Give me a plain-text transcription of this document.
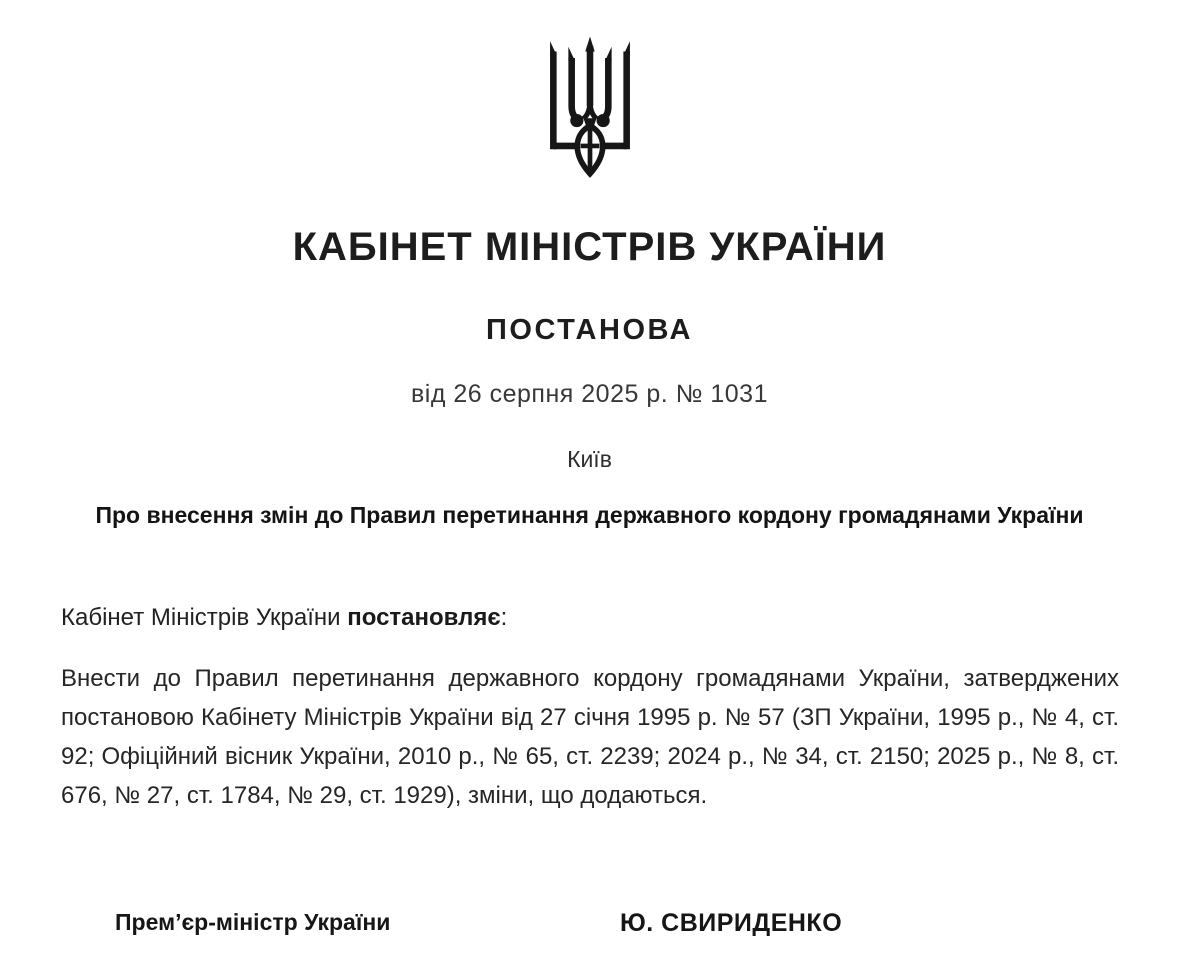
КАБІНЕТ МІНІСТРІВ УКРАЇНИ
ПОСТАНОВА
від 26 серпня 2025 р. № 1031
Київ
Про внесення змін до Правил перетинання державного кордону громадянами України
Кабінет Міністрів України постановляє:
Внести до Правил перетинання державного кордону громадянами України, затверджених постановою Кабінету Міністрів України від 27 січня 1995 р. № 57 (ЗП України, 1995 р., № 4, ст. 92; Офіційний вісник України, 2010 р., № 65, ст. 2239; 2024 р., № 34, ст. 2150; 2025 р., № 8, ст. 676, № 27, ст. 1784, № 29, ст. 1929), зміни, що додаються.
Прем’єр-міністр України	Ю. СВИРИДЕНКО
